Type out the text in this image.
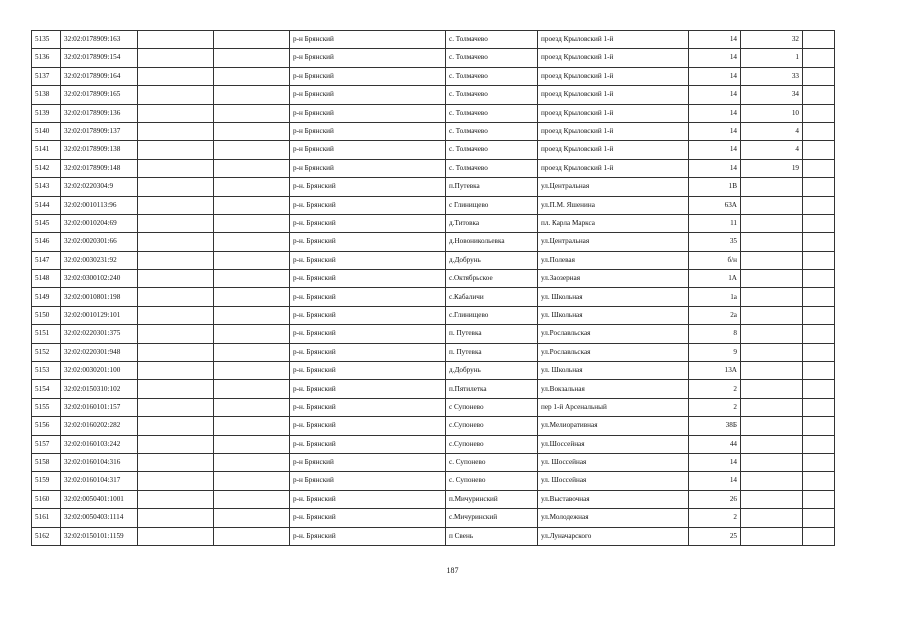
5135	32:02:0178909:163			р-н Брянский	с. Толмачево	проезд Крыловский 1-й	14	32	
5136	32:02:0178909:154			р-н Брянский	с. Толмачево	проезд Крыловский 1-й	14	1	
5137	32:02:0178909:164			р-н Брянский	с. Толмачево	проезд Крыловский 1-й	14	33	
5138	32:02:0178909:165			р-н Брянский	с. Толмачево	проезд Крыловский 1-й	14	34	
5139	32:02:0178909:136			р-н Брянский	с. Толмачево	проезд Крыловский 1-й	14	10	
5140	32:02:0178909:137			р-н Брянский	с. Толмачево	проезд Крыловский 1-й	14	4	
5141	32:02:0178909:138			р-н Брянский	с. Толмачево	проезд Крыловский 1-й	14	4	
5142	32:02:0178909:148			р-н Брянский	с. Толмачево	проезд Крыловский 1-й	14	19	
5143	32:02:0220304:9			р-н. Брянский	п.Путевка	ул.Центральная	1В		
5144	32:02:0010113:96			р-н. Брянский	с Глинищево	ул.П.М. Яшенина	63А		
5145	32:02:0010204:69			р-н. Брянский	д.Титовка	пл. Карла Маркса	11		
5146	32:02:0020301:66			р-н. Брянский	д.Новоникольевка	ул.Центральная	35		
5147	32:02:0030231:92			р-н. Брянский	д.Добрунь	ул.Полевая	б/н		
5148	32:02:0300102:240			р-н. Брянский	с.Октябрьское	ул.Заозерная	1А		
5149	32:02:0010801:198			р-н. Брянский	с.Кабаличи	ул. Школьная	1а		
5150	32:02:0010129:101			р-н. Брянский	с.Глинищево	ул. Школьная	2а		
5151	32:02:0220301:375			р-н. Брянский	п. Путевка	ул.Рославльская	8		
5152	32:02:0220301:948			р-н. Брянский	п. Путевка	ул.Рославльская	9		
5153	32:02:0030201:100			р-н. Брянский	д.Добрунь	ул. Школьная	13А		
5154	32:02:0150310:102			р-н. Брянский	п.Пятилетка	ул.Вокзальная	2		
5155	32:02:0160101:157			р-н. Брянский	с Супонево	пер 1-й Арсенальный	2		
5156	32:02:0160202:282			р-н. Брянский	с.Супонево	ул.Мелиоративная	38Б		
5157	32:02:0160103:242			р-н. Брянский	с.Супонево	ул.Шоссейная	44		
5158	32:02:0160104:316			р-н Брянский	с. Супонево	ул. Шоссейная	14		
5159	32:02:0160104:317			р-н Брянский	с. Супонево	ул. Шоссейная	14		
5160	32:02:0050401:1001			р-н. Брянский	п.Мичуринский	ул.Выставочная	26		
5161	32:02:0050403:1114			р-н. Брянский	с.Мичуринский	ул.Молодежная	2		
5162	32:02:0150101:1159			р-н. Брянский	п Свень	ул.Луначарского	25		
187
